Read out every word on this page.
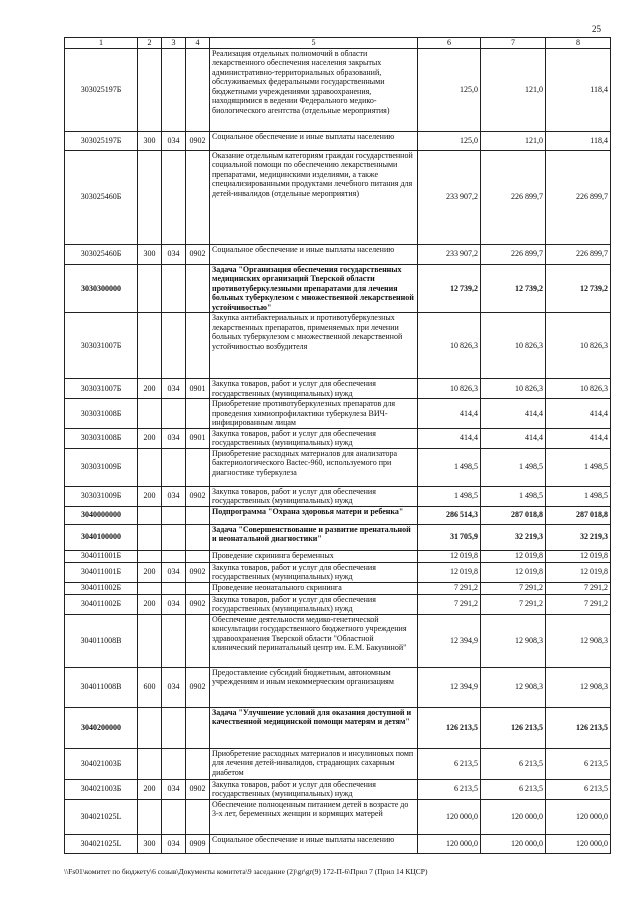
25
1	2	3	4	5	6	7	8
303025197Б				Реализация отдельных полномочий в области лекарственного обеспечения населения закрытых административно-территориальных образований, обслуживаемых федеральными государственными бюджетными учреждениями здравоохранения, находящимися в ведении Федерального медико-биологического агентства (отдельные мероприятия)	125,0	121,0	118,4
303025197Б	300	034	0902	Социальное обеспечение и иные выплаты населению	125,0	121,0	118,4
303025460Б				Оказание отдельным категориям граждан государственной социальной помощи по обеспечению лекарственными препаратами, медицинскими изделиями, а также специализированными продуктами лечебного питания для детей-инвалидов (отдельные мероприятия)	233 907,2	226 899,7	226 899,7
303025460Б	300	034	0902	Социальное обеспечение и иные выплаты населению	233 907,2	226 899,7	226 899,7
3030300000				Задача "Организация обеспечения государственных медицинских организаций Тверской области противотуберкулезными препаратами для лечения больных туберкулезом с множественной лекарственной устойчивостью"	12 739,2	12 739,2	12 739,2
303031007Б				Закупка антибактериальных и противотуберкулезных лекарственных препаратов, применяемых при лечении больных туберкулезом с множественной лекарственной устойчивостью возбудителя	10 826,3	10 826,3	10 826,3
303031007Б	200	034	0901	Закупка товаров, работ и услуг для обеспечения государственных (муниципальных) нужд	10 826,3	10 826,3	10 826,3
303031008Б				Приобретение противотуберкулезных препаратов для проведения химиопрофилактики туберкулеза ВИЧ-инфицированным лицам	414,4	414,4	414,4
303031008Б	200	034	0901	Закупка товаров, работ и услуг для обеспечения государственных (муниципальных) нужд	414,4	414,4	414,4
303031009Б				Приобретение расходных материалов для анализатора бактериологического Bactec-960, используемого при диагностике туберкулеза	1 498,5	1 498,5	1 498,5
303031009Б	200	034	0902	Закупка товаров, работ и услуг для обеспечения государственных (муниципальных) нужд	1 498,5	1 498,5	1 498,5
3040000000				Подпрограмма "Охрана здоровья матери и ребенка"	286 514,3	287 018,8	287 018,8
3040100000				Задача "Совершенствование и развитие пренатальной и неонатальной диагностики"	31 705,9	32 219,3	32 219,3
304011001Б				Проведение скрининга беременных	12 019,8	12 019,8	12 019,8
304011001Б	200	034	0902	Закупка товаров, работ и услуг для обеспечения государственных (муниципальных) нужд	12 019,8	12 019,8	12 019,8
304011002Б				Проведение неонатального скрининга	7 291,2	7 291,2	7 291,2
304011002Б	200	034	0902	Закупка товаров, работ и услуг для обеспечения государственных (муниципальных) нужд	7 291,2	7 291,2	7 291,2
304011008В				Обеспечение деятельности медико-генетической консультации государственного бюджетного учреждения здравоохранения Тверской области "Областной клинический перинатальный центр им. Е.М. Бакуниной"	12 394,9	12 908,3	12 908,3
304011008В	600	034	0902	Предоставление субсидий бюджетным, автономным учреждениям и иным некоммерческим организациям	12 394,9	12 908,3	12 908,3
3040200000				Задача "Улучшение условий для оказания доступной и качественной медицинской помощи матерям и детям"	126 213,5	126 213,5	126 213,5
304021003Б				Приобретение расходных материалов и инсулиновых помп для лечения детей-инвалидов, страдающих сахарным диабетом	6 213,5	6 213,5	6 213,5
304021003Б	200	034	0902	Закупка товаров, работ и услуг для обеспечения государственных (муниципальных) нужд	6 213,5	6 213,5	6 213,5
304021025L				Обеспечение полноценным питанием детей в возрасте до 3-х лет, беременных женщин и кормящих матерей	120 000,0	120 000,0	120 000,0
304021025L	300	034	0909	Социальное обеспечение и иные выплаты населению	120 000,0	120 000,0	120 000,0
\\Fs01\комитет по бюджету\6 созыв\Документы комитета\9 заседание (2)\gr\gr(9) 172-П-6\Прил 7 (Прил 14 КЦСР)
